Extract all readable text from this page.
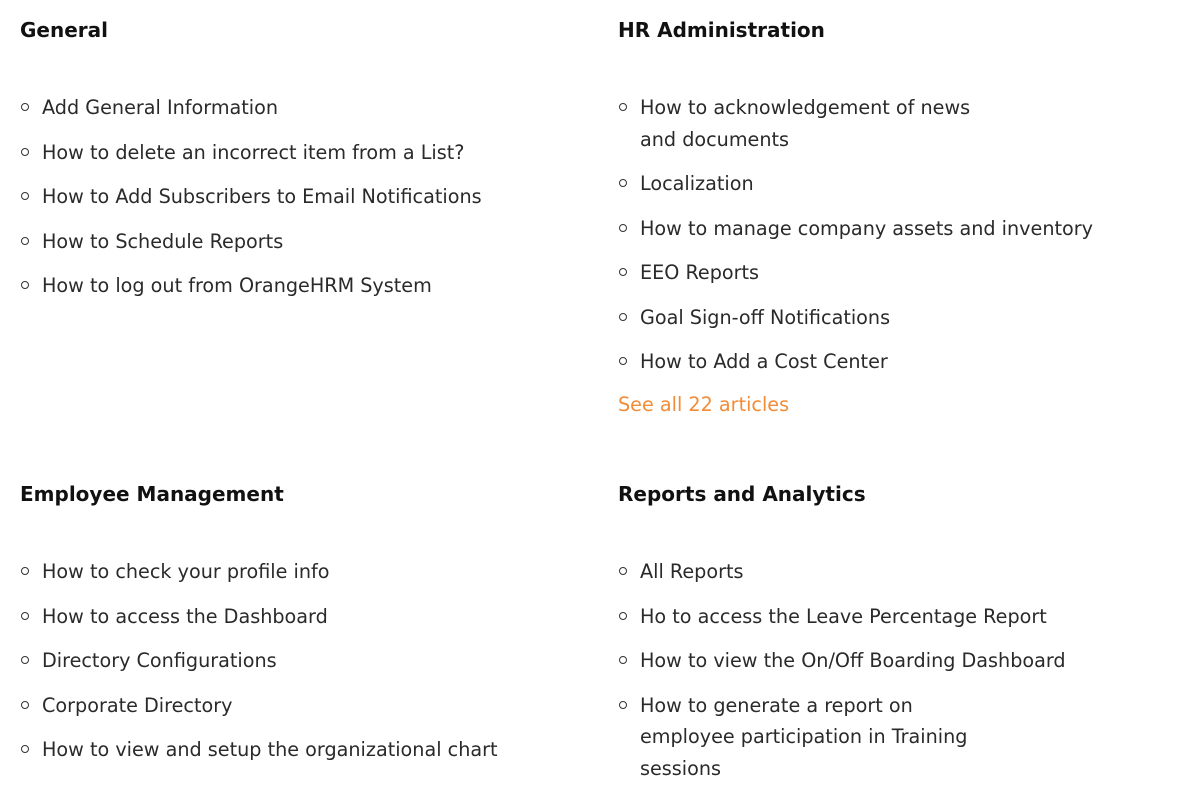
General
Add General Information
How to delete an incorrect item from a List?
How to Add Subscribers to Email Notifications
How to Schedule Reports
How to log out from OrangeHRM System
HR Administration
How to acknowledgement of news and documents
Localization
How to manage company assets and inventory
EEO Reports
Goal Sign-off Notifications
How to Add a Cost Center
See all 22 articles
Employee Management
How to check your profile info
How to access the Dashboard
Directory Configurations
Corporate Directory
How to view and setup the organizational chart
Reports and Analytics
All Reports
Ho to access the Leave Percentage Report
How to view the On/Off Boarding Dashboard
How to generate a report on employee participation in Training sessions
